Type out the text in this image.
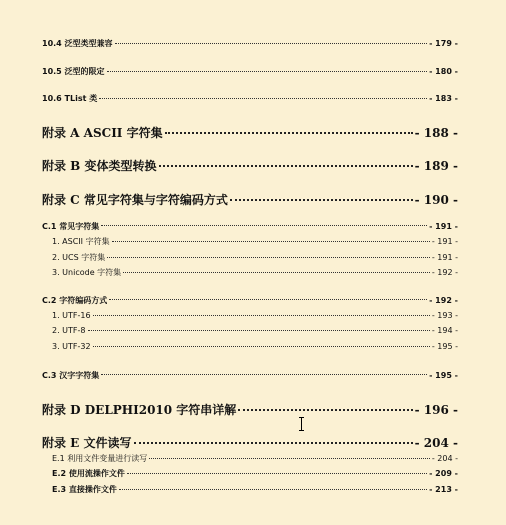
10.4 泛型类型兼容	- 179 -
10.5 泛型的限定	- 180 -
10.6 TList 类	- 183 -
附录 A ASCII 字符集	- 188 -
附录 B 变体类型转换	- 189 -
附录 C 常见字符集与字符编码方式	- 190 -
C.1 常见字符集	- 191 -
1. ASCII 字符集	- 191 -
2. UCS 字符集	- 191 -
3. Unicode 字符集	- 192 -
C.2 字符编码方式	- 192 -
1. UTF-16	- 193 -
2. UTF-8	- 194 -
3. UTF-32	- 195 -
C.3 汉字字符集	- 195 -
附录 D DELPHI2010 字符串详解	- 196 -
附录 E 文件读写	- 204 -
E.1 利用文件变量进行读写	- 204 -
E.2 使用流操作文件	- 209 -
E.3 直接操作文件	- 213 -
